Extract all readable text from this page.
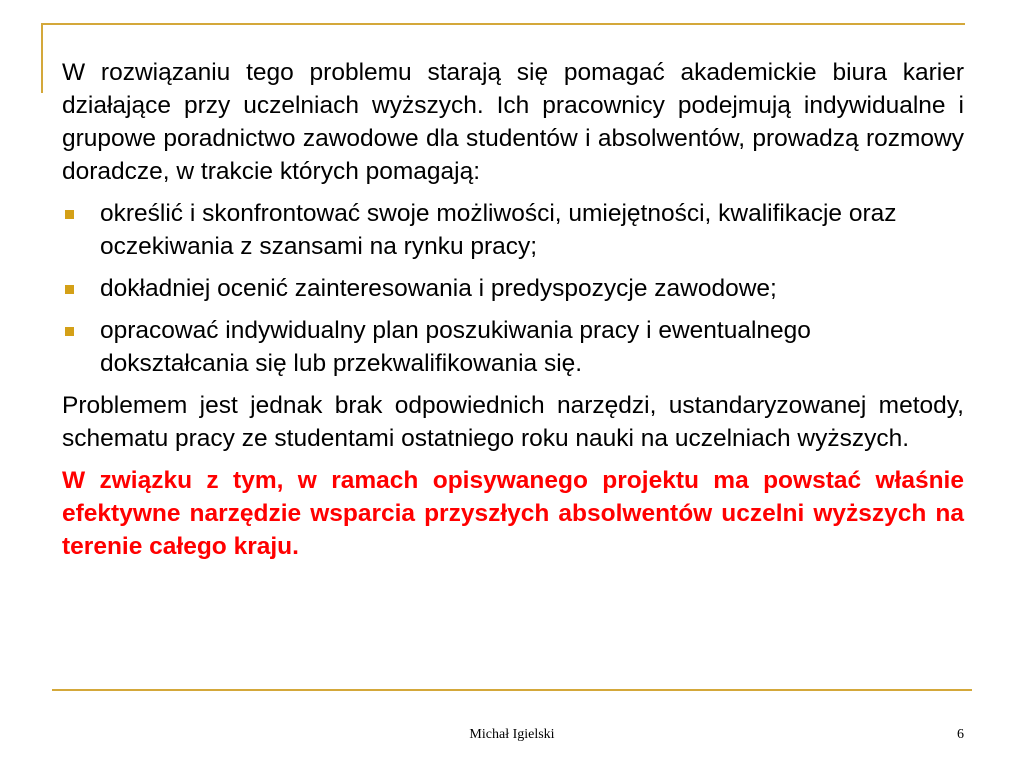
W rozwiązaniu tego problemu starają się pomagać akademickie biura karier działające przy uczelniach wyższych. Ich pracownicy podejmują indywidualne i grupowe poradnictwo zawodowe dla studentów i absolwentów, prowadzą rozmowy doradcze, w trakcie których pomagają:

określić i skonfrontować swoje możliwości, umiejętności, kwalifikacje oraz oczekiwania z szansami na rynku pracy;
dokładniej ocenić zainteresowania i predyspozycje zawodowe;
opracować indywidualny plan poszukiwania pracy i ewentualnego dokształcania się lub przekwalifikowania się.

Problemem jest jednak brak odpowiednich narzędzi, ustandaryzowanej metody, schematu pracy ze studentami ostatniego roku nauki na uczelniach wyższych.

W związku z tym, w ramach opisywanego projektu ma powstać właśnie efektywne narzędzie wsparcia przyszłych absolwentów uczelni wyższych na terenie całego kraju.

Michał Igielski	6
